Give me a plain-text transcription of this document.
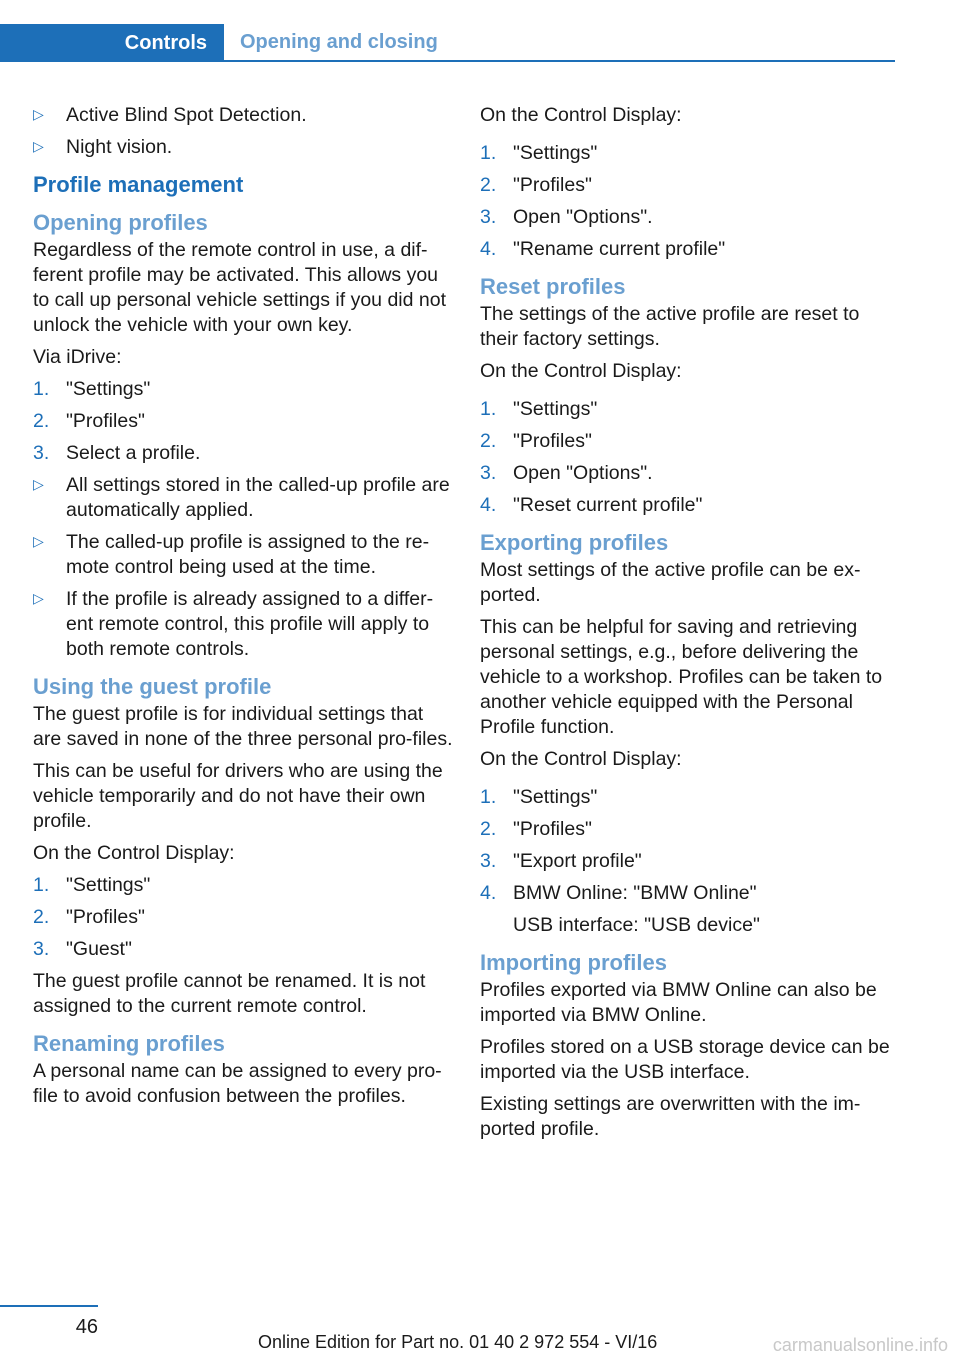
Controls	Opening and closing
▷ Active Blind Spot Detection.
▷ Night vision.
Profile management
Opening profiles
Regardless of the remote control in use, a dif-ferent profile may be activated. This allows you to call up personal vehicle settings if you did not unlock the vehicle with your own key.
Via iDrive:
1. "Settings"
2. "Profiles"
3. Select a profile.
▷ All settings stored in the called-up profile are automatically applied.
▷ The called-up profile is assigned to the re-mote control being used at the time.
▷ If the profile is already assigned to a differ-ent remote control, this profile will apply to both remote controls.
Using the guest profile
The guest profile is for individual settings that are saved in none of the three personal pro-files.
This can be useful for drivers who are using the vehicle temporarily and do not have their own profile.
On the Control Display:
1. "Settings"
2. "Profiles"
3. "Guest"
The guest profile cannot be renamed. It is not assigned to the current remote control.
Renaming profiles
A personal name can be assigned to every pro-file to avoid confusion between the profiles.
On the Control Display:
1. "Settings"
2. "Profiles"
3. Open "Options".
4. "Rename current profile"
Reset profiles
The settings of the active profile are reset to their factory settings.
On the Control Display:
1. "Settings"
2. "Profiles"
3. Open "Options".
4. "Reset current profile"
Exporting profiles
Most settings of the active profile can be ex-ported.
This can be helpful for saving and retrieving personal settings, e.g., before delivering the vehicle to a workshop. Profiles can be taken to another vehicle equipped with the Personal Profile function.
On the Control Display:
1. "Settings"
2. "Profiles"
3. "Export profile"
4. BMW Online: "BMW Online"
USB interface: "USB device"
Importing profiles
Profiles exported via BMW Online can also be imported via BMW Online.
Profiles stored on a USB storage device can be imported via the USB interface.
Existing settings are overwritten with the im-ported profile.
46
Online Edition for Part no. 01 40 2 972 554 - VI/16	carmanualsonline.info
